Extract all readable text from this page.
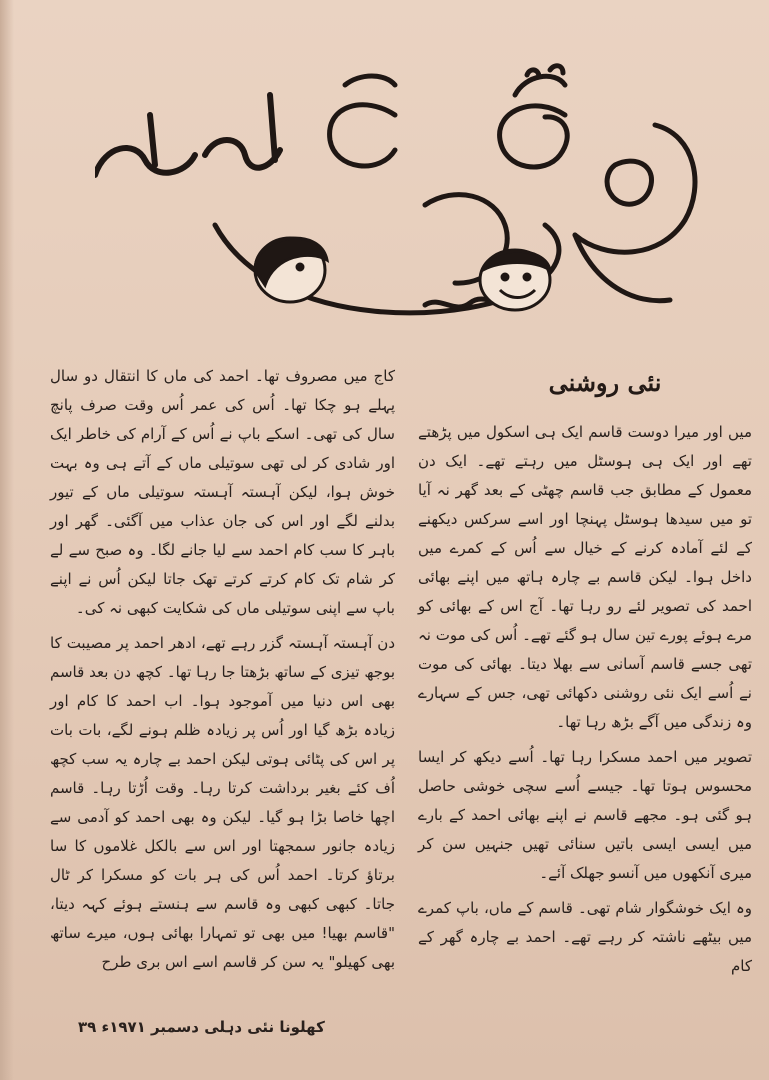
نئی روشنی

میں اور میرا دوست قاسم ایک ہی اسکول میں پڑھتے تھے اور ایک ہی ہوسٹل میں رہتے تھے۔ ایک دن معمول کے مطابق جب قاسم چھٹی کے بعد گھر نہ آیا تو میں سیدھا ہوسٹل پہنچا اور اسے سرکس دیکھنے کے لئے آمادہ کرنے کے خیال سے اُس کے کمرے میں داخل ہوا۔ لیکن قاسم بے چارہ ہاتھ میں اپنے بھائی احمد کی تصویر لئے رو رہا تھا۔ آج اس کے بھائی کو مرے ہوئے پورے تین سال ہو گئے تھے۔ اُس کی موت نہ تھی جسے قاسم آسانی سے بھلا دیتا۔ بھائی کی موت نے اُسے ایک نئی روشنی دکھائی تھی، جس کے سہارے وہ زندگی میں آگے بڑھ رہا تھا۔

تصویر میں احمد مسکرا رہا تھا۔ اُسے دیکھ کر ایسا محسوس ہوتا تھا۔ جیسے اُسے سچی خوشی حاصل ہو گئی ہو۔ مجھے قاسم نے اپنے بھائی احمد کے بارے میں ایسی ایسی باتیں سنائی تھیں جنہیں سن کر میری آنکھوں میں آنسو جھلک آئے۔

وہ ایک خوشگوار شام تھی۔ قاسم کے ماں، باپ کمرے میں بیٹھے ناشتہ کر رہے تھے۔ احمد بے چارہ گھر کے کام

کاج میں مصروف تھا۔ احمد کی ماں کا انتقال دو سال پہلے ہو چکا تھا۔ اُس کی عمر اُس وقت صرف پانچ سال کی تھی۔ اسکے باپ نے اُس کے آرام کی خاطر ایک اور شادی کر لی تھی سوتیلی ماں کے آتے ہی وہ بہت خوش ہوا، لیکن آہستہ آہستہ سوتیلی ماں کے تیور بدلنے لگے اور اس کی جان عذاب میں آگئی۔ گھر اور باہر کا سب کام احمد سے لیا جانے لگا۔ وہ صبح سے لے کر شام تک کام کرتے کرتے تھک جاتا لیکن اُس نے اپنے باپ سے اپنی سوتیلی ماں کی شکایت کبھی نہ کی۔

دن آہستہ آہستہ گزر رہے تھے، ادھر احمد پر مصیبت کا بوجھ تیزی کے ساتھ بڑھتا جا رہا تھا۔ کچھ دن بعد قاسم بھی اس دنیا میں آموجود ہوا۔ اب احمد کا کام اور زیادہ بڑھ گیا اور اُس پر زیادہ ظلم ہونے لگے، بات بات پر اس کی پٹائی ہوتی لیکن احمد بے چارہ یہ سب کچھ اُف کئے بغیر برداشت کرتا رہا۔ وقت اُڑتا رہا۔ قاسم اچھا خاصا بڑا ہو گیا۔ لیکن وہ بھی احمد کو آدمی سے زیادہ جانور سمجھتا اور اس سے بالکل غلاموں کا سا برتاؤ کرتا۔ احمد اُس کی ہر بات کو مسکرا کر ٹال جاتا۔ کبھی کبھی وہ قاسم سے ہنستے ہوئے کہہ دیتا، "قاسم بھیا! میں بھی تو تمہارا بھائی ہوں، میرے ساتھ بھی کھیلو" یہ سن کر قاسم اسے اس بری طرح

کھلونا نئی دہلی دسمبر ۱۹۷۱ء ۳۹
